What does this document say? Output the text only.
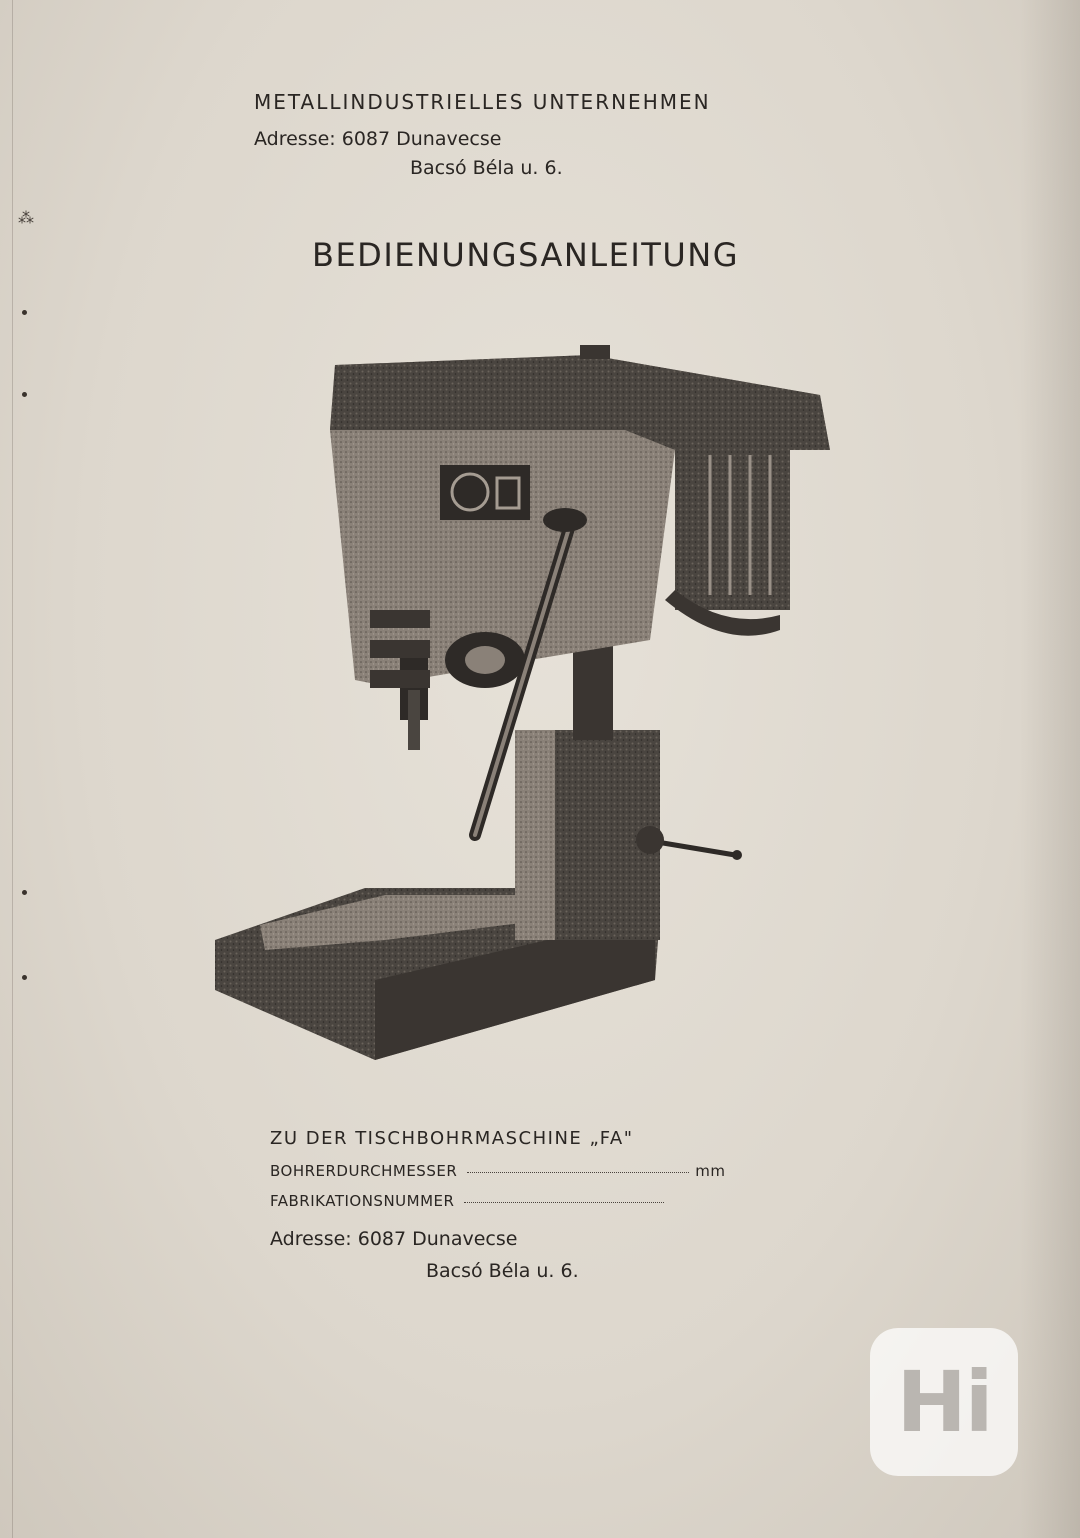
⁂
METALLINDUSTRIELLES UNTERNEHMEN
Adresse: 6087 Dunavecse
Bacsó Béla u. 6.
BEDIENUNGSANLEITUNG
ZU DER TISCHBOHRMASCHINE „FA"
BOHRERDURCHMESSER	mm
FABRIKATIONSNUMMER
Adresse: 6087 Dunavecse
Bacsó Béla u. 6.
Hi
